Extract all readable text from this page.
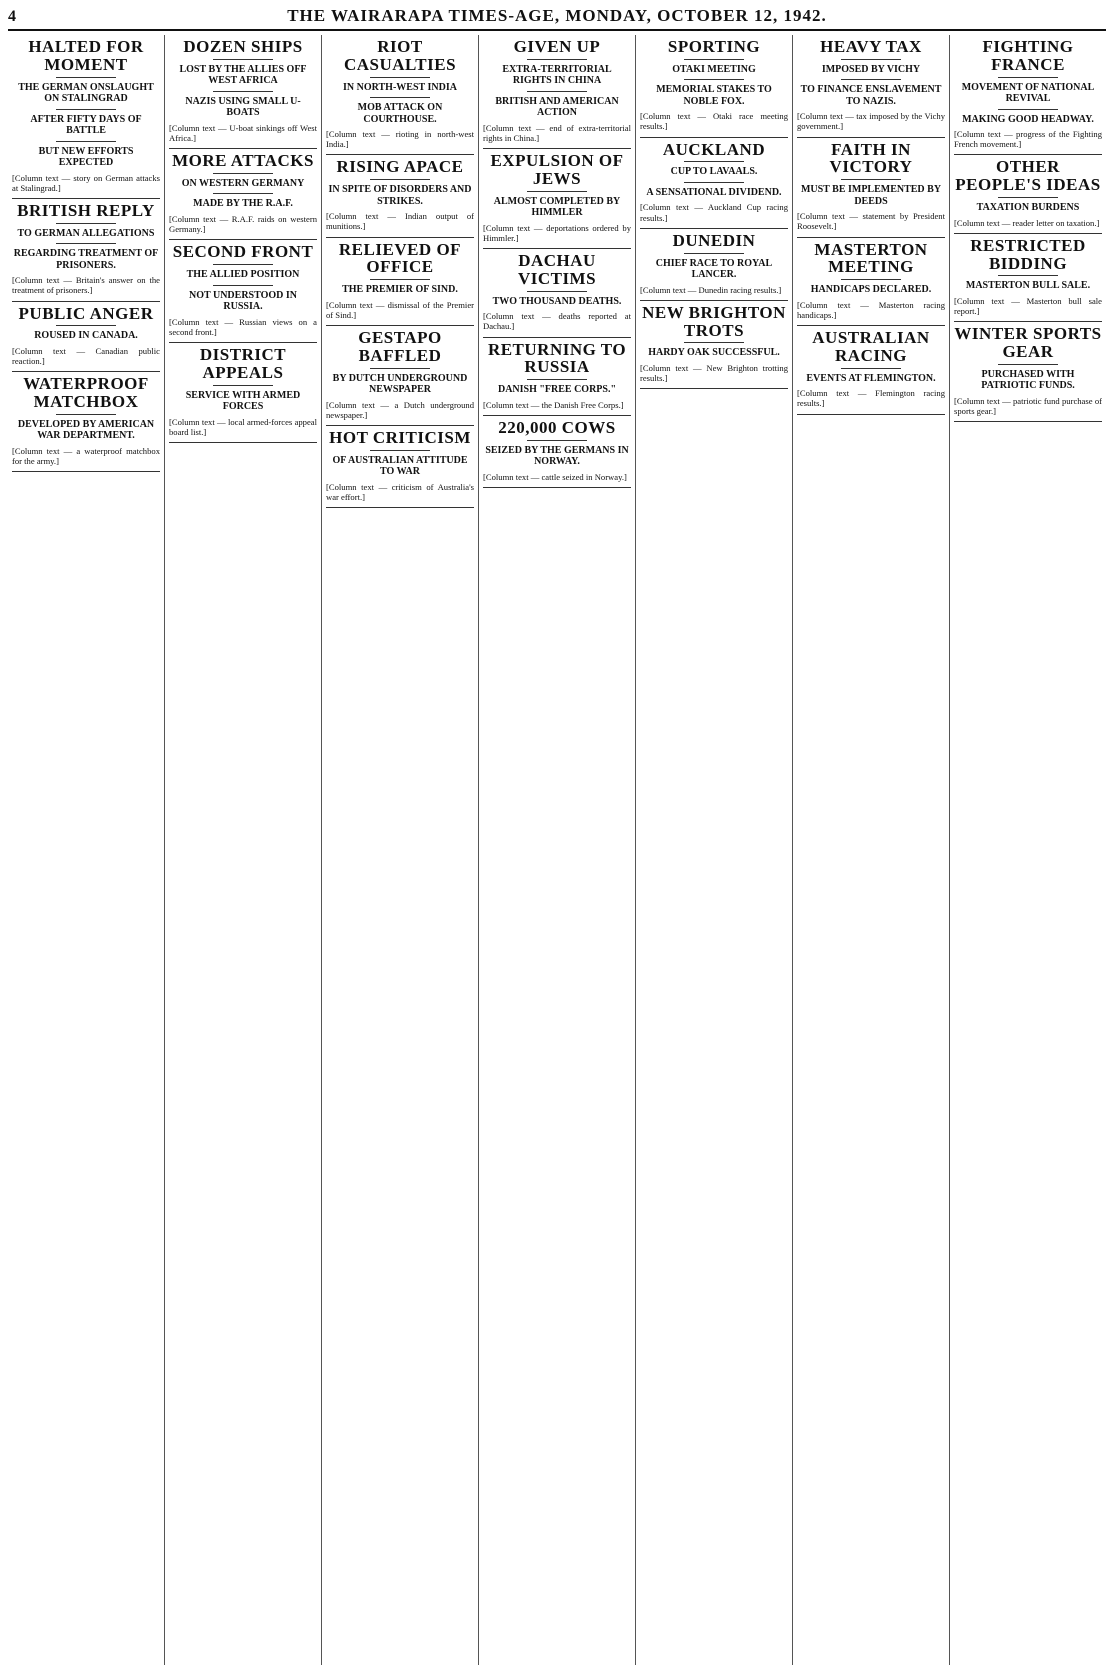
4	THE WAIRARAPA TIMES-AGE, MONDAY, OCTOBER 12, 1942.
HALTED FOR MOMENT
THE GERMAN ONSLAUGHT ON STALINGRAD
AFTER FIFTY DAYS OF BATTLE
BUT NEW EFFORTS EXPECTED
[Column text — story on German attacks at Stalingrad.]
BRITISH REPLY
TO GERMAN ALLEGATIONS
REGARDING TREATMENT OF PRISONERS.
[Column text — Britain's answer on the treatment of prisoners.]
PUBLIC ANGER
ROUSED IN CANADA.
[Column text — Canadian public reaction.]
WATERPROOF MATCHBOX
DEVELOPED BY AMERICAN WAR DEPARTMENT.
[Column text — a waterproof matchbox for the army.]
DOZEN SHIPS
LOST BY THE ALLIES OFF WEST AFRICA
NAZIS USING SMALL U-BOATS
[Column text — U-boat sinkings off West Africa.]
MORE ATTACKS
ON WESTERN GERMANY
MADE BY THE R.A.F.
[Column text — R.A.F. raids on western Germany.]
SECOND FRONT
THE ALLIED POSITION
NOT UNDERSTOOD IN RUSSIA.
[Column text — Russian views on a second front.]
DISTRICT APPEALS
SERVICE WITH ARMED FORCES
[Column text — local armed-forces appeal board list.]
RIOT CASUALTIES
IN NORTH-WEST INDIA
MOB ATTACK ON COURTHOUSE.
[Column text — rioting in north-west India.]
RISING APACE
IN SPITE OF DISORDERS AND STRIKES.
[Column text — Indian output of munitions.]
RELIEVED OF OFFICE
THE PREMIER OF SIND.
[Column text — dismissal of the Premier of Sind.]
GESTAPO BAFFLED
BY DUTCH UNDERGROUND NEWSPAPER
[Column text — a Dutch underground newspaper.]
HOT CRITICISM
OF AUSTRALIAN ATTITUDE TO WAR
[Column text — criticism of Australia's war effort.]
GIVEN UP
EXTRA-TERRITORIAL RIGHTS IN CHINA
BRITISH AND AMERICAN ACTION
[Column text — end of extra-territorial rights in China.]
EXPULSION OF JEWS
ALMOST COMPLETED BY HIMMLER
[Column text — deportations ordered by Himmler.]
DACHAU VICTIMS
TWO THOUSAND DEATHS.
[Column text — deaths reported at Dachau.]
RETURNING TO RUSSIA
DANISH "FREE CORPS."
[Column text — the Danish Free Corps.]
220,000 COWS
SEIZED BY THE GERMANS IN NORWAY.
[Column text — cattle seized in Norway.]
SPORTING
OTAKI MEETING
MEMORIAL STAKES TO NOBLE FOX.
[Column text — Otaki race meeting results.]
AUCKLAND
CUP TO LAVAALS.
A SENSATIONAL DIVIDEND.
[Column text — Auckland Cup racing results.]
DUNEDIN
CHIEF RACE TO ROYAL LANCER.
[Column text — Dunedin racing results.]
NEW BRIGHTON TROTS
HARDY OAK SUCCESSFUL.
[Column text — New Brighton trotting results.]
HEAVY TAX
IMPOSED BY VICHY
TO FINANCE ENSLAVEMENT TO NAZIS.
[Column text — tax imposed by the Vichy government.]
FAITH IN VICTORY
MUST BE IMPLEMENTED BY DEEDS
[Column text — statement by President Roosevelt.]
MASTERTON MEETING
HANDICAPS DECLARED.
[Column text — Masterton racing handicaps.]
AUSTRALIAN RACING
EVENTS AT FLEMINGTON.
[Column text — Flemington racing results.]
FIGHTING FRANCE
MOVEMENT OF NATIONAL REVIVAL
MAKING GOOD HEADWAY.
[Column text — progress of the Fighting French movement.]
OTHER PEOPLE'S IDEAS
TAXATION BURDENS
[Column text — reader letter on taxation.]
RESTRICTED BIDDING
MASTERTON BULL SALE.
[Column text — Masterton bull sale report.]
WINTER SPORTS GEAR
PURCHASED WITH PATRIOTIC FUNDS.
[Column text — patriotic fund purchase of sports gear.]
